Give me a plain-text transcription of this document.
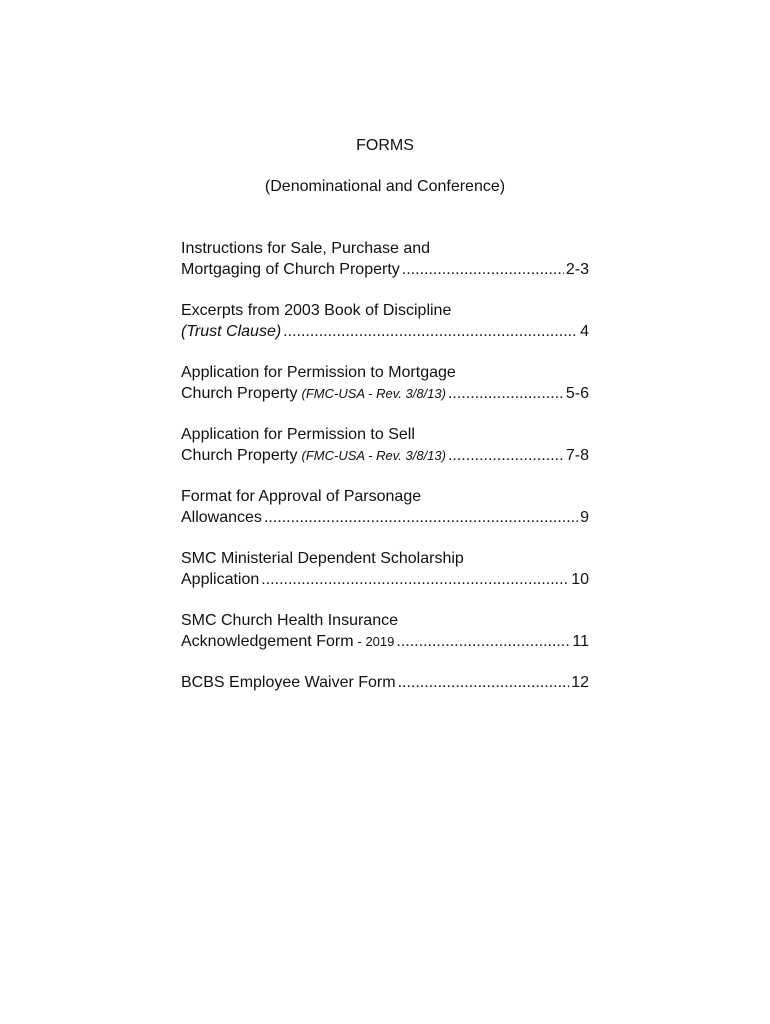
FORMS
(Denominational and Conference)
Instructions for Sale, Purchase and
Mortgaging of Church Property .....	2-3
Excerpts from 2003 Book of Discipline
(Trust Clause) .....	4
Application for Permission to Mortgage
Church Property (FMC-USA - Rev. 3/8/13) .....	5-6
Application for Permission to Sell
Church Property (FMC-USA - Rev. 3/8/13) .....	7-8
Format for Approval of Parsonage
Allowances .....	9
SMC Ministerial Dependent Scholarship
Application .....	10
SMC Church Health Insurance
Acknowledgement Form - 2019 .....	11
BCBS Employee Waiver Form .....	12
